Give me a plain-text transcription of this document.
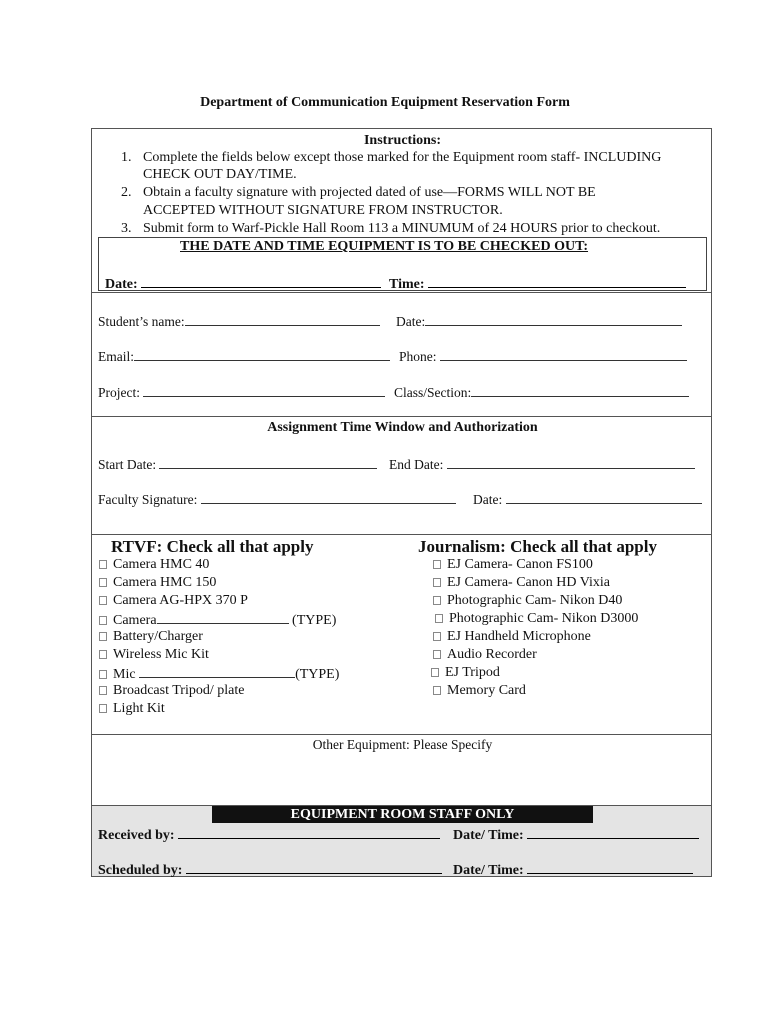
Department of Communication Equipment Reservation Form
Instructions:
1. Complete the fields below except those marked for the Equipment room staff- INCLUDING
CHECK OUT DAY/TIME.
2. Obtain a faculty signature with projected dated of use—FORMS WILL NOT BE
ACCEPTED WITHOUT SIGNATURE FROM INSTRUCTOR.
3. Submit form to Warf-Pickle Hall Room 113 a MINUMUM of 24 HOURS prior to checkout.
THE DATE AND TIME EQUIPMENT IS TO BE CHECKED OUT:
Date:	Time:
Student’s name:	Date:
Email:	Phone:
Project:	Class/Section:
Assignment Time Window and Authorization
Start Date:	End Date:
Faculty Signature:	Date:
RTVF: Check all that apply	Journalism: Check all that apply
Camera HMC 40
Camera HMC 150
Camera AG-HPX 370 P
Camera	(TYPE)
Battery/Charger
Wireless Mic Kit
Mic	(TYPE)
Broadcast Tripod/ plate
Light Kit
EJ Camera- Canon FS100
EJ Camera- Canon HD Vixia
Photographic Cam- Nikon D40
Photographic Cam- Nikon D3000
EJ Handheld Microphone
Audio Recorder
EJ Tripod
Memory Card
Other Equipment: Please Specify
EQUIPMENT ROOM STAFF ONLY
Received by:	Date/ Time:
Scheduled by:	Date/ Time:
